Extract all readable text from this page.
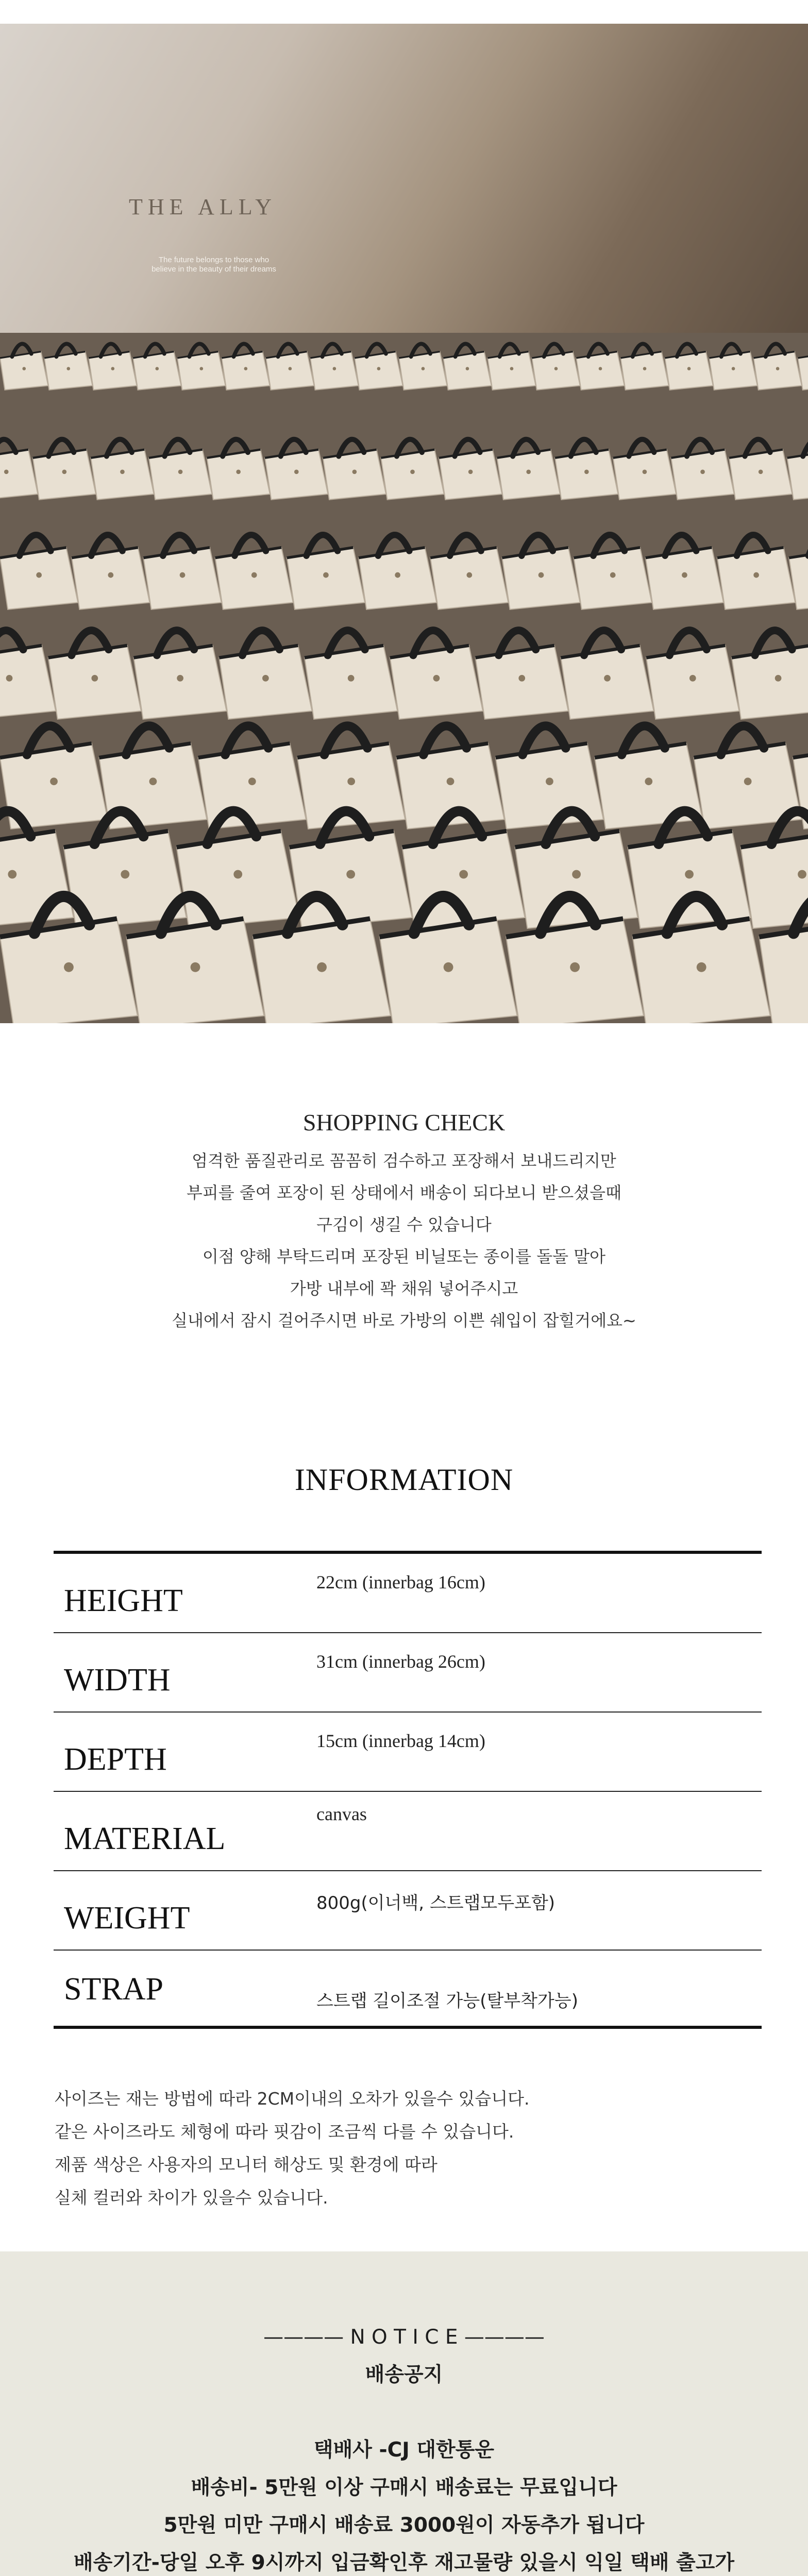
THE ALLY
The future belongs to those who believe in the beauty of their dreams
SHOPPING CHECK
엄격한 품질관리로 꼼꼼히 검수하고 포장해서 보내드리지만
부피를 줄여 포장이 된 상태에서 배송이 되다보니 받으셨을때
구김이 생길 수 있습니다
이점 양해 부탁드리며 포장된 비닐또는 종이를 돌돌 말아
가방 내부에 꽉 채워 넣어주시고
실내에서 잠시 걸어주시면 바로 가방의 이쁜 쉐입이 잡힐거에요~
INFORMATION
HEIGHT
22cm (innerbag 16cm)
WIDTH
31cm (innerbag 26cm)
DEPTH
15cm (innerbag 14cm)
MATERIAL
canvas
WEIGHT	800g(이너백, 스트랩모두포함)
STRAP	스트랩 길이조절 가능(탈부착가능)
사이즈는 재는 방법에 따라 2CM이내의 오차가 있을수 있습니다.
같은 사이즈라도 체형에 따라 핏감이 조금씩 다를 수 있습니다.
제품 색상은 사용자의 모니터 해상도 및 환경에 따라
실체 컬러와 차이가 있을수 있습니다.
———— N O T I C E ————
배송공지
택배사 -CJ 대한통운
배송비- 5만원 이상 구매시 배송료는 무료입니다
5만원 미만 구매시 배송료 3000원이 자동추가 됩니다
배송기간-당일 오후 9시까지 입금확인후 재고물량 있을시 익일 택배 출고가
